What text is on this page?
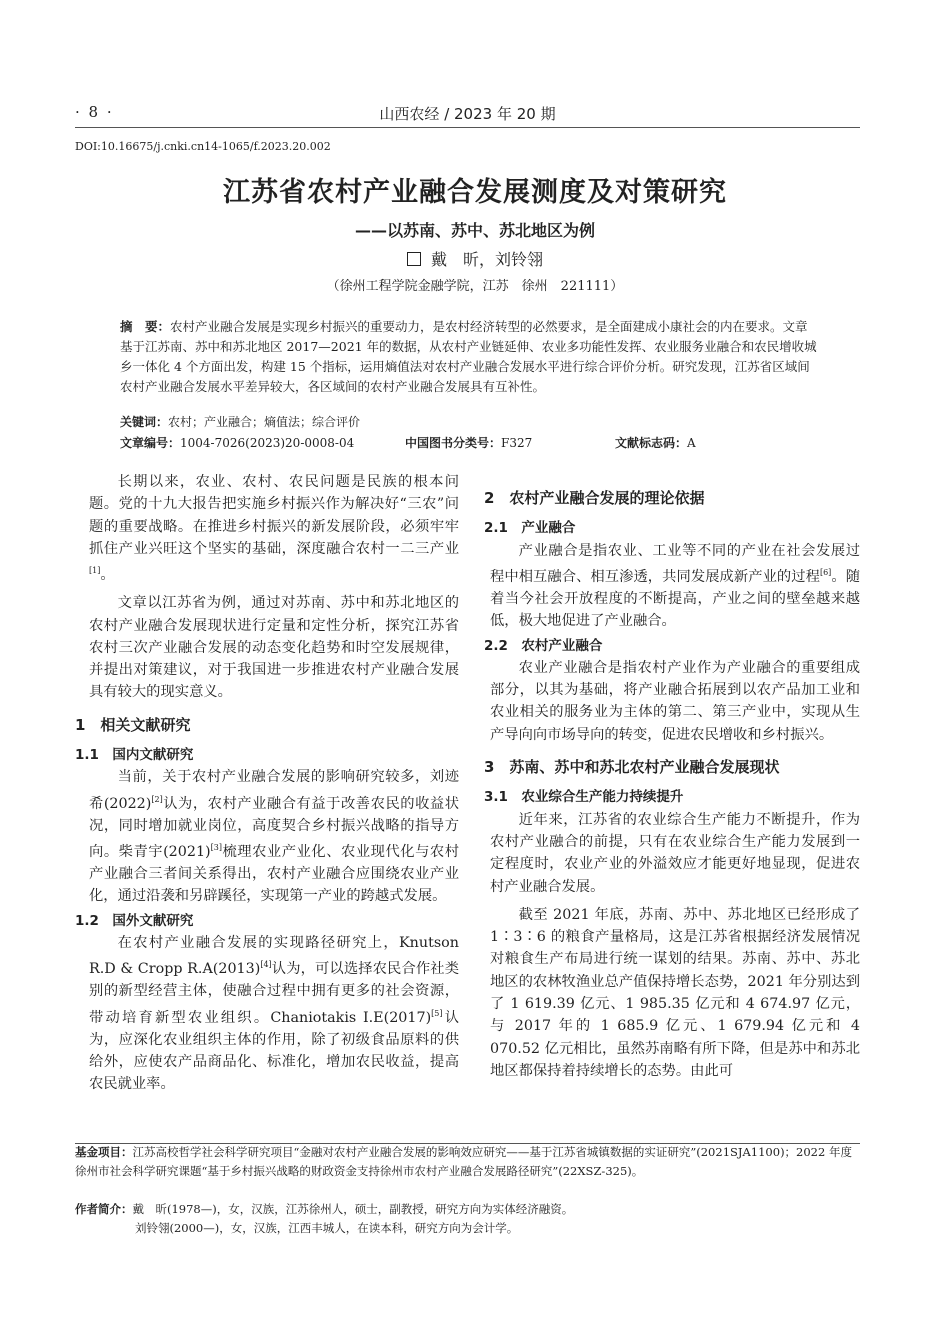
· 8 ·	山西农经 / 2023 年 20 期
DOI:10.16675/j.cnki.cn14-1065/f.2023.20.002
江苏省农村产业融合发展测度及对策研究
——以苏南、苏中、苏北地区为例
戴　昕，刘铃翎
（徐州工程学院金融学院，江苏　徐州　221111）
摘　要：农村产业融合发展是实现乡村振兴的重要动力，是农村经济转型的必然要求，是全面建成小康社会的内在要求。文章基于江苏南、苏中和苏北地区 2017—2021 年的数据，从农村产业链延伸、农业多功能性发挥、农业服务业融合和农民增收城乡一体化 4 个方面出发，构建 15 个指标，运用熵值法对农村产业融合发展水平进行综合评价分析。研究发现，江苏省区域间农村产业融合发展水平差异较大，各区域间的农村产业融合发展具有互补性。
关键词：农村；产业融合；熵值法；综合评价
文章编号：1004-7026(2023)20-0008-04	中国图书分类号：F327	文献标志码：A

长期以来，农业、农村、农民问题是民族的根本问题。党的十九大报告把实施乡村振兴作为解决好“三农”问题的重要战略。在推进乡村振兴的新发展阶段，必须牢牢抓住产业兴旺这个坚实的基础，深度融合农村一二三产业[1]。

文章以江苏省为例，通过对苏南、苏中和苏北地区的农村产业融合发展现状进行定量和定性分析，探究江苏省农村三次产业融合发展的动态变化趋势和时空发展规律，并提出对策建议，对于我国进一步推进农村产业融合发展具有较大的现实意义。

1　相关文献研究
1.1　国内文献研究

当前，关于农村产业融合发展的影响研究较多，刘迹希(2022)[2]认为，农村产业融合有益于改善农民的收益状况，同时增加就业岗位，高度契合乡村振兴战略的指导方向。柴青宇(2021)[3]梳理农业产业化、农业现代化与农村产业融合三者间关系得出，农村产业融合应围绕农业产业化，通过沿袭和另辟蹊径，实现第一产业的跨越式发展。

1.2　国外文献研究

在农村产业融合发展的实现路径研究上，Knutson R.D & Cropp R.A(2013)[4]认为，可以选择农民合作社类别的新型经营主体，使融合过程中拥有更多的社会资源，带动培育新型农业组织。Chaniotakis I.E(2017)[5]认为，应深化农业组织主体的作用，除了初级食品原料的供给外，应使农产品商品化、标准化，增加农民收益，提高农民就业率。

2　农村产业融合发展的理论依据
2.1　产业融合

产业融合是指农业、工业等不同的产业在社会发展过程中相互融合、相互渗透，共同发展成新产业的过程[6]。随着当今社会开放程度的不断提高，产业之间的壁垒越来越低，极大地促进了产业融合。

2.2　农村产业融合

农业产业融合是指农村产业作为产业融合的重要组成部分，以其为基础，将产业融合拓展到以农产品加工业和农业相关的服务业为主体的第二、第三产业中，实现从生产导向向市场导向的转变，促进农民增收和乡村振兴。

3　苏南、苏中和苏北农村产业融合发展现状
3.1　农业综合生产能力持续提升

近年来，江苏省的农业综合生产能力不断提升，作为农村产业融合的前提，只有在农业综合生产能力发展到一定程度时，农业产业的外溢效应才能更好地显现，促进农村产业融合发展。

截至 2021 年底，苏南、苏中、苏北地区已经形成了 1∶3∶6 的粮食产量格局，这是江苏省根据经济发展情况对粮食生产布局进行统一谋划的结果。苏南、苏中、苏北地区的农林牧渔业总产值保持增长态势，2021 年分别达到了 1 619.39 亿元、1 985.35 亿元和 4 674.97 亿元，与 2017 年的 1 685.9 亿元、1 679.94 亿元和 4 070.52 亿元相比，虽然苏南略有所下降，但是苏中和苏北地区都保持着持续增长的态势。由此可

基金项目：江苏高校哲学社会科学研究项目“金融对农村产业融合发展的影响效应研究——基于江苏省城镇数据的实证研究”(2021SJA1100)；2022 年度徐州市社会科学研究课题“基于乡村振兴战略的财政资金支持徐州市农村产业融合发展路径研究”(22XSZ-325)。
作者简介：戴　昕(1978—)，女，汉族，江苏徐州人，硕士，副教授，研究方向为实体经济融资。
刘铃翎(2000—)，女，汉族，江西丰城人，在读本科，研究方向为会计学。
